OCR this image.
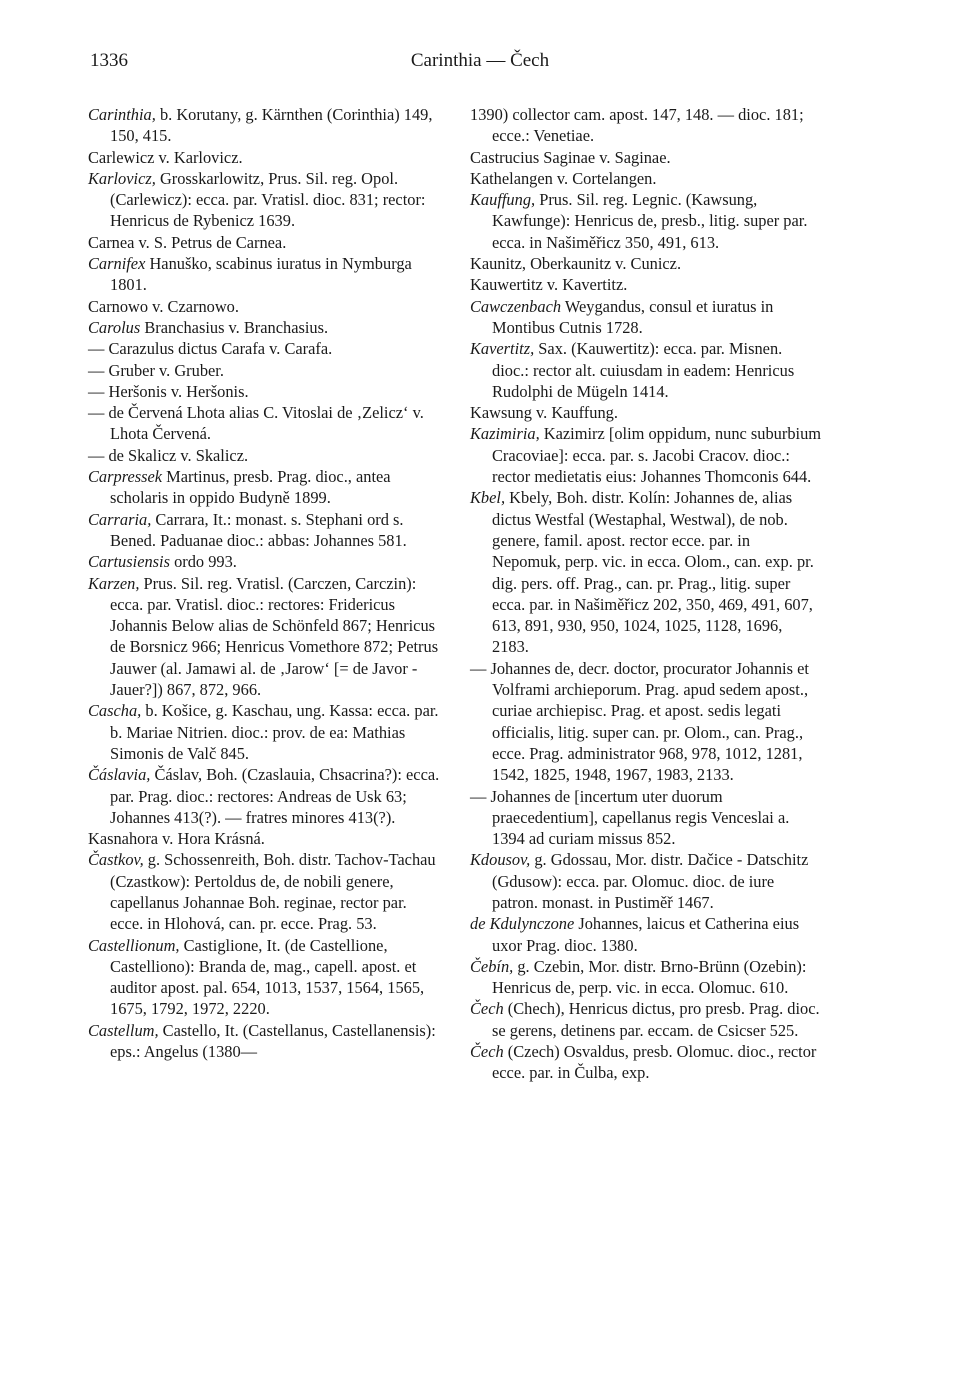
1336	Carinthia — Čech

Carinthia, b. Korutany, g. Kärnthen (Corinthia) 149, 150, 415.

Carlewicz v. Karlovicz.

Karlovicz, Grosskarlowitz, Prus. Sil. reg. Opol. (Carlewicz): ecca. par. Vratisl. dioc. 831; rector: Henricus de Rybenicz 1639.

Carnea v. S. Petrus de Carnea.

Carnifex Hanuško, scabinus iuratus in Nymburga 1801.

Carnowo v. Czarnowo.

Carolus Branchasius v. Branchasius.

— Carazulus dictus Carafa v. Carafa.

— Gruber v. Gruber.

— Heršonis v. Heršonis.

— de Červená Lhota alias C. Vitoslai de ‚Zelicz‘ v. Lhota Červená.

— de Skalicz v. Skalicz.

Carpressek Martinus, presb. Prag. dioc., antea scholaris in oppido Budyně 1899.

Carraria, Carrara, It.: monast. s. Stephani ord s. Bened. Paduanae dioc.: abbas: Johannes 581.

Cartusiensis ordo 993.

Karzen, Prus. Sil. reg. Vratisl. (Carczen, Carczin): ecca. par. Vratisl. dioc.: rectores: Fridericus Johannis Below alias de Schönfeld 867; Henricus de Borsnicz 966; Henricus Vomethore 872; Petrus Jauwer (al. Jamawi al. de ‚Jarow‘ [= de Javor - Jauer?]) 867, 872, 966.

Cascha, b. Košice, g. Kaschau, ung. Kassa: ecca. par. b. Mariae Nitrien. dioc.: prov. de ea: Mathias Simonis de Valč 845.

Čáslavia, Čáslav, Boh. (Czaslauia, Chsacrina?): ecca. par. Prag. dioc.: rectores: Andreas de Usk 63; Johannes 413(?). — fratres minores 413(?).

Kasnahora v. Hora Krásná.

Častkov, g. Schossenreith, Boh. distr. Tachov-Tachau (Czastkow): Pertoldus de, de nobili genere, capellanus Johannae Boh. reginae, rector par. ecce. in Hlohová, can. pr. ecce. Prag. 53.

Castellionum, Castiglione, It. (de Castellione, Castelliono): Branda de, mag., capell. apost. et auditor apost. pal. 654, 1013, 1537, 1564, 1565, 1675, 1792, 1972, 2220.

Castellum, Castello, It. (Castellanus, Castellanensis): eps.: Angelus (1380—

1390) collector cam. apost. 147, 148. — dioc. 181; ecce.: Venetiae.

Castrucius Saginae v. Saginae.

Kathelangen v. Cortelangen.

Kauffung, Prus. Sil. reg. Legnic. (Kawsung, Kawfunge): Henricus de, presb., litig. super par. ecca. in Našiměřicz 350, 491, 613.

Kaunitz, Oberkaunitz v. Cunicz.

Kauwertitz v. Kavertitz.

Cawczenbach Weygandus, consul et iuratus in Montibus Cutnis 1728.

Kavertitz, Sax. (Kauwertitz): ecca. par. Misnen. dioc.: rector alt. cuiusdam in eadem: Henricus Rudolphi de Mügeln 1414.

Kawsung v. Kauffung.

Kazimiria, Kazimirz [olim oppidum, nunc suburbium Cracoviae]: ecca. par. s. Jacobi Cracov. dioc.: rector medietatis eius: Johannes Thomconis 644.

Kbel, Kbely, Boh. distr. Kolín: Johannes de, alias dictus Westfal (Westaphal, Westwal), de nob. genere, famil. apost. rector ecce. par. in Nepomuk, perp. vic. in ecca. Olom., can. exp. pr. dig. pers. off. Prag., can. pr. Prag., litig. super ecca. par. in Našiměřicz 202, 350, 469, 491, 607, 613, 891, 930, 950, 1024, 1025, 1128, 1696, 2183.

— Johannes de, decr. doctor, procurator Johannis et Volframi archieporum. Prag. apud sedem apost., curiae archiepisc. Prag. et apost. sedis legati officialis, litig. super can. pr. Olom., can. Prag., ecce. Prag. administrator 968, 978, 1012, 1281, 1542, 1825, 1948, 1967, 1983, 2133.

— Johannes de [incertum uter duorum praecedentium], capellanus regis Venceslai a. 1394 ad curiam missus 852.

Kdousov, g. Gdossau, Mor. distr. Dačice - Datschitz (Gdusow): ecca. par. Olomuc. dioc. de iure patron. monast. in Pustiměř 1467.

de Kdulynczone Johannes, laicus et Catherina eius uxor Prag. dioc. 1380.

Čebín, g. Czebin, Mor. distr. Brno-Brünn (Ozebin): Henricus de, perp. vic. in ecca. Olomuc. 610.

Čech (Chech), Henricus dictus, pro presb. Prag. dioc. se gerens, detinens par. eccam. de Csicser 525.

Čech (Czech) Osvaldus, presb. Olomuc. dioc., rector ecce. par. in Čulba, exp.
